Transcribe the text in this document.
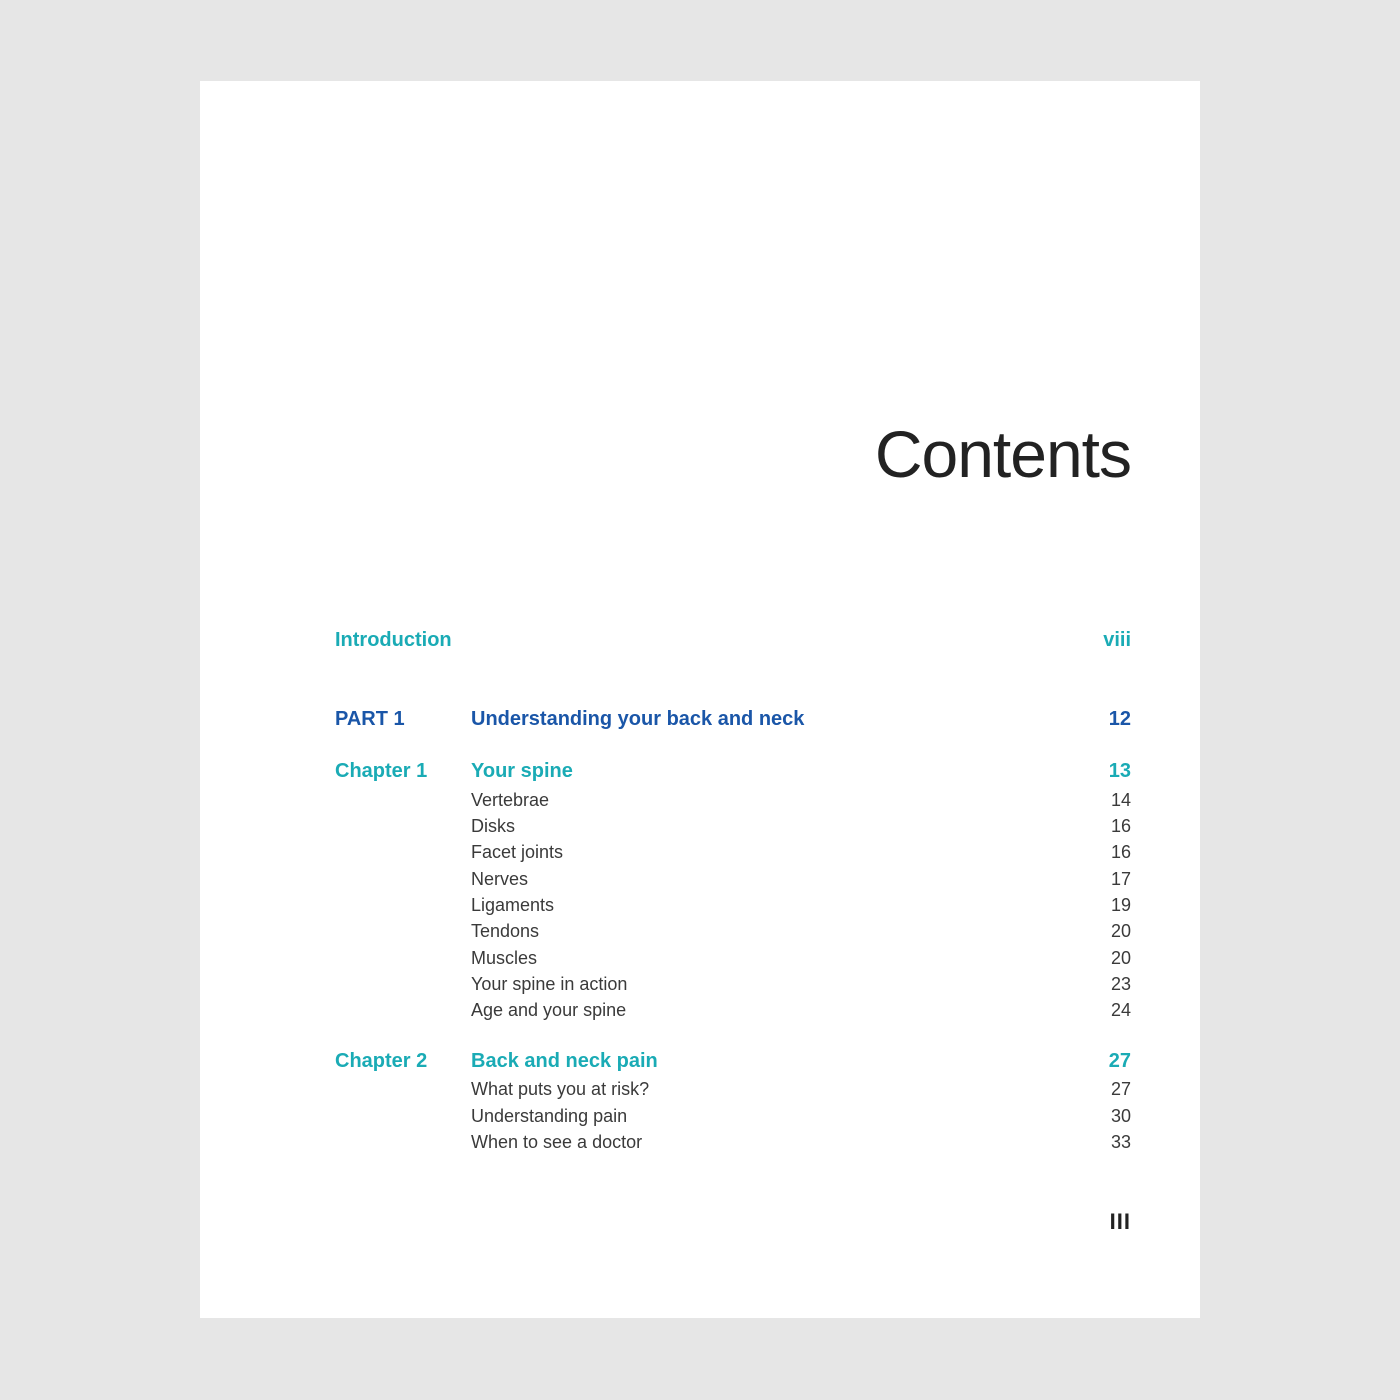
Contents
Introduction	viii
PART 1	Understanding your back and neck	12
Chapter 1	Your spine	13
Vertebrae	14
Disks	16
Facet joints	16
Nerves	17
Ligaments	19
Tendons	20
Muscles	20
Your spine in action	23
Age and your spine	24
Chapter 2	Back and neck pain	27
What puts you at risk?	27
Understanding pain	30
When to see a doctor	33
III
